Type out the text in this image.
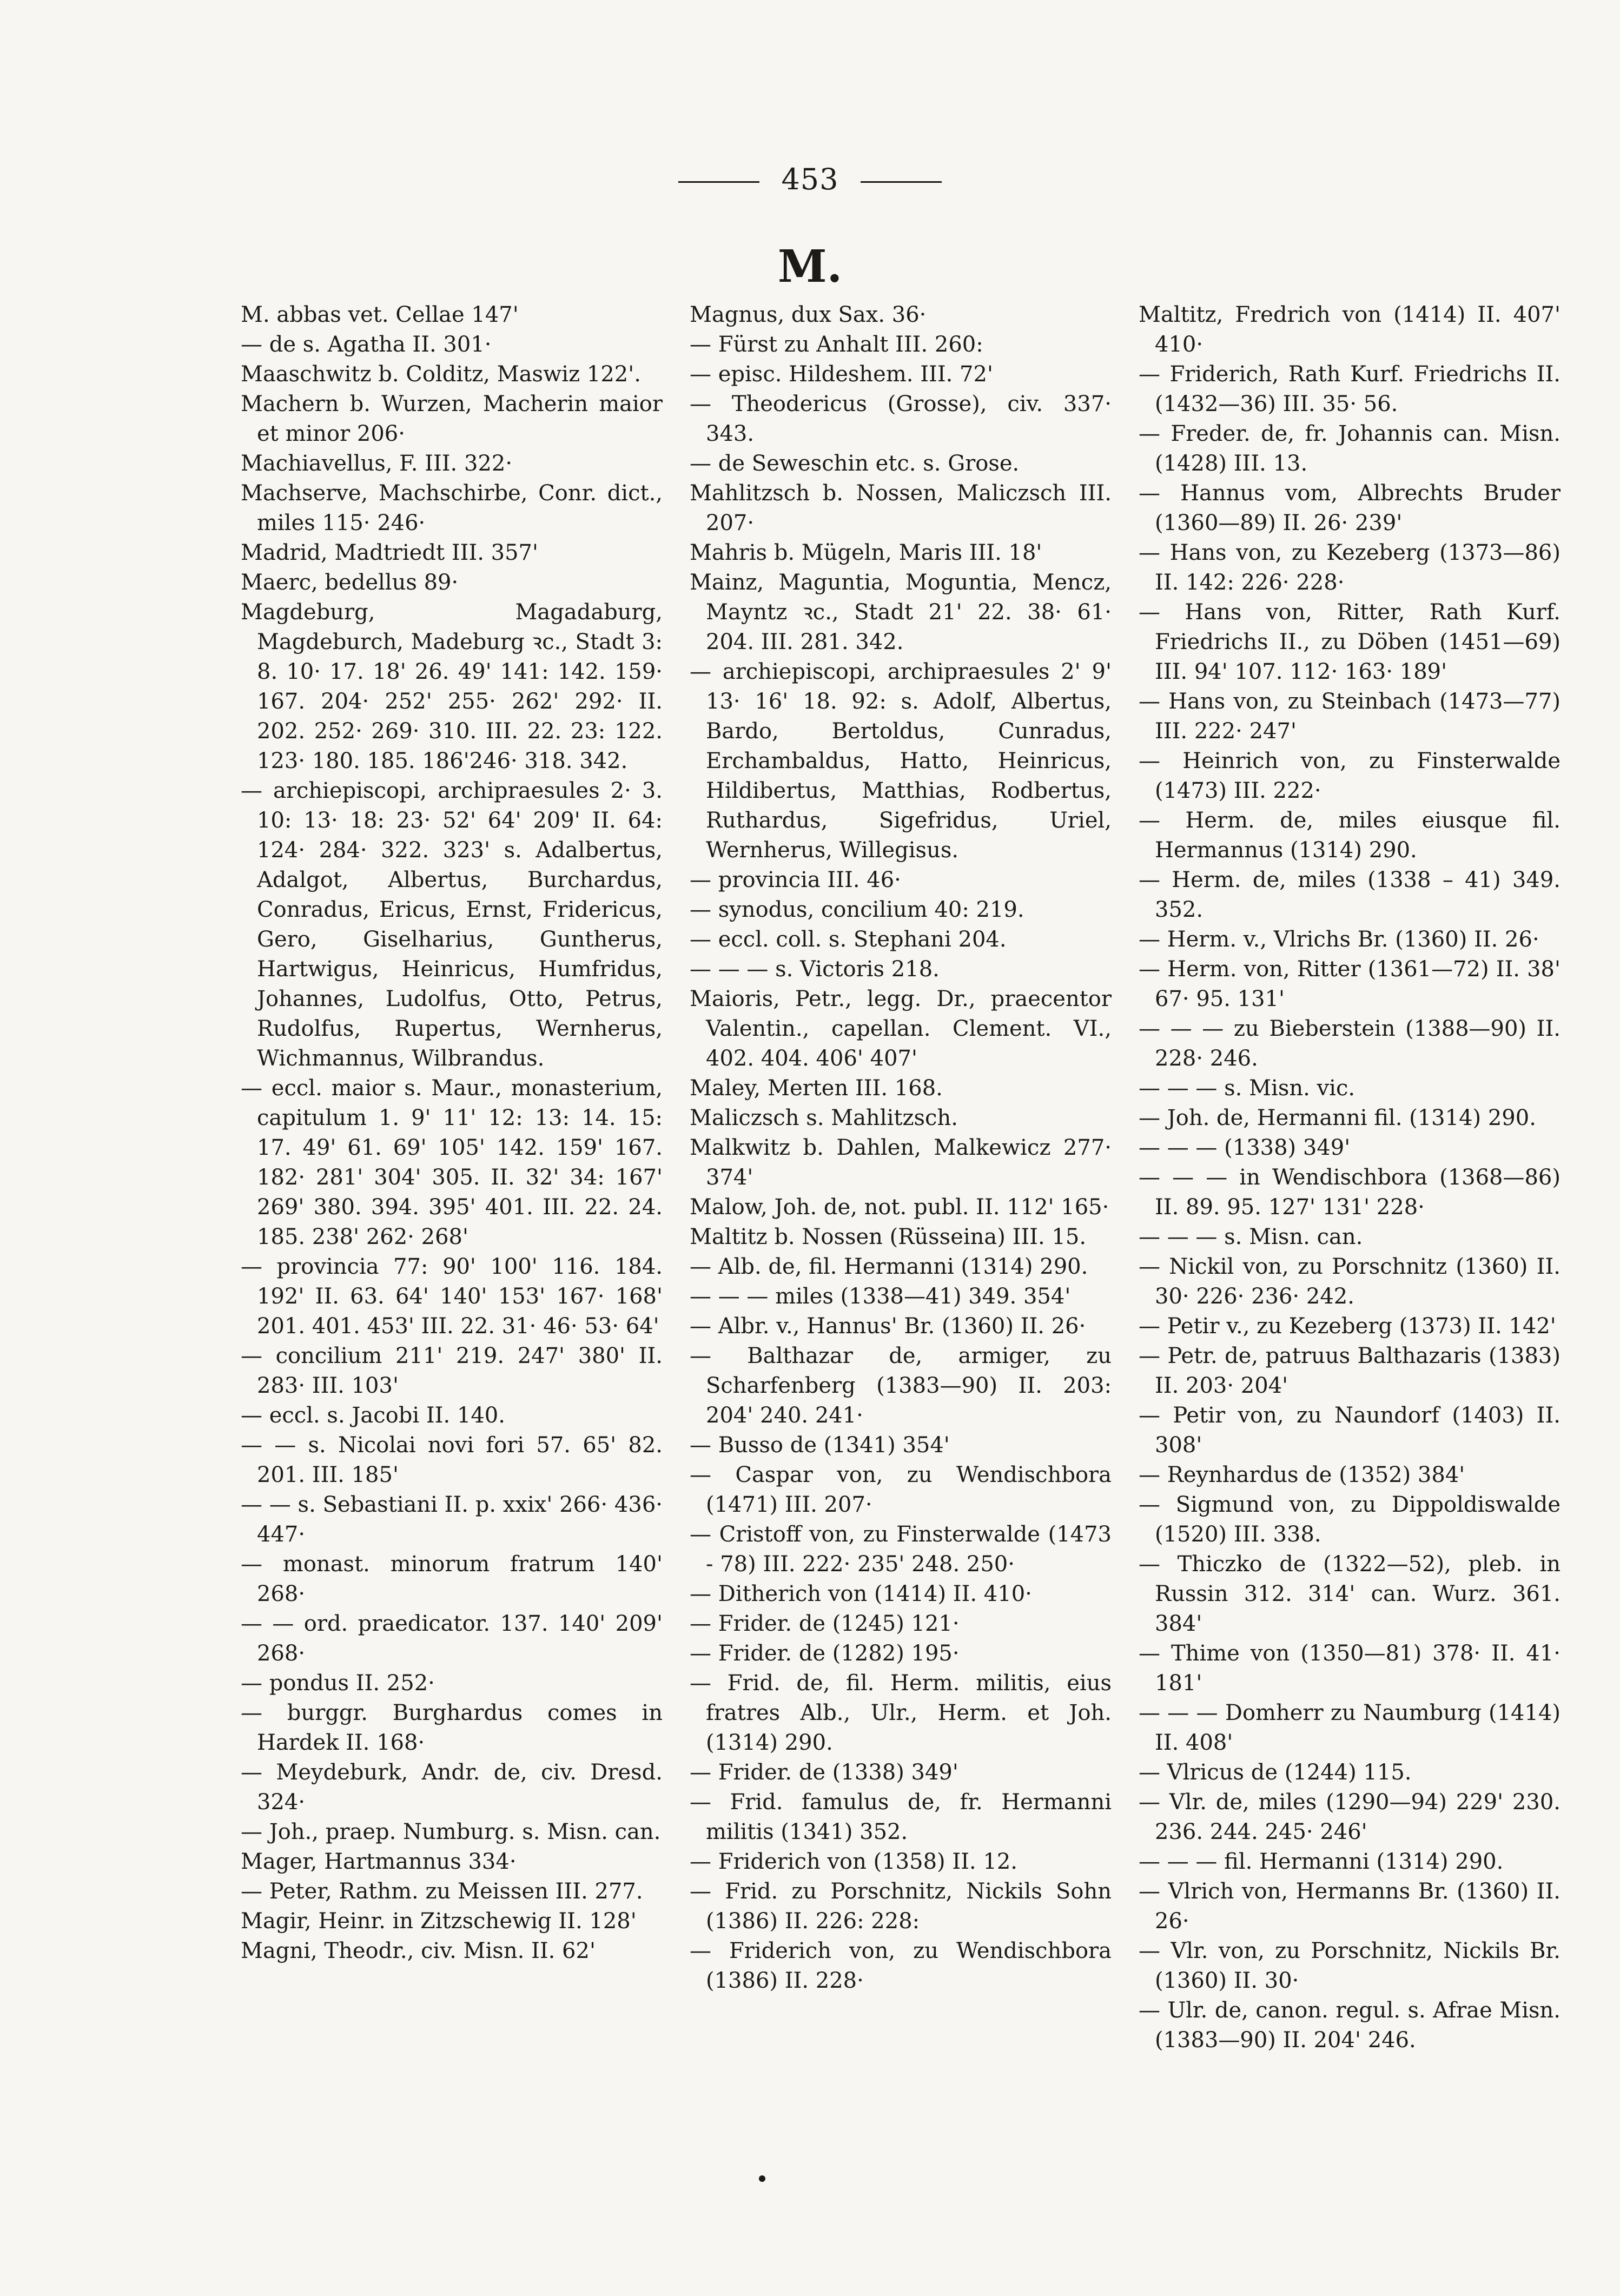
453
M.

M. abbas vet. Cellae 147'

— de s. Agatha II. 301·

Maaschwitz b. Colditz, Maswiz 122'.

Machern b. Wurzen, Macherin maior et minor 206·

Machiavellus, F. III. 322·

Machserve, Machschirbe, Conr. dict., miles 115· 246·

Madrid, Madtriedt III. 357'

Maerc, bedellus 89·

Magdeburg, Magadaburg, Magdeburch, Madeburg ꝛc., Stadt 3: 8. 10· 17. 18' 26. 49' 141: 142. 159· 167. 204· 252' 255· 262' 292· II. 202. 252· 269· 310. III. 22. 23: 122. 123· 180. 185. 186'246· 318. 342.

— archiepiscopi, archipraesules 2· 3. 10: 13· 18: 23· 52' 64' 209' II. 64: 124· 284· 322. 323' s. Adalbertus, Adalgot, Albertus, Burchardus, Conradus, Ericus, Ernst, Fridericus, Gero, Giselharius, Guntherus, Hartwigus, Heinricus, Humfridus, Johannes, Ludolfus, Otto, Petrus, Rudolfus, Rupertus, Wernherus, Wichmannus, Wilbrandus.

— eccl. maior s. Maur., monasterium, capitulum 1. 9' 11' 12: 13: 14. 15: 17. 49' 61. 69' 105' 142. 159' 167. 182· 281' 304' 305. II. 32' 34: 167' 269' 380. 394. 395' 401. III. 22. 24. 185. 238' 262· 268'

— provincia 77: 90' 100' 116. 184. 192' II. 63. 64' 140' 153' 167· 168' 201. 401. 453' III. 22. 31· 46· 53· 64'

— concilium 211' 219. 247' 380' II. 283· III. 103'

— eccl. s. Jacobi II. 140.

— — s. Nicolai novi fori 57. 65' 82. 201. III. 185'

— — s. Sebastiani II. p. xxix' 266· 436· 447·

— monast. minorum fratrum 140' 268·

— — ord. praedicator. 137. 140' 209' 268·

— pondus II. 252·

— burggr. Burghardus comes in Hardek II. 168·

— Meydeburk, Andr. de, civ. Dresd. 324·

— Joh., praep. Numburg. s. Misn. can.

Mager, Hartmannus 334·

— Peter, Rathm. zu Meissen III. 277.

Magir, Heinr. in Zitzschewig II. 128'

Magni, Theodr., civ. Misn. II. 62'

Magnus, dux Sax. 36·

— Fürst zu Anhalt III. 260:

— episc. Hildeshem. III. 72'

— Theodericus (Grosse), civ. 337· 343.

— de Seweschin etc. s. Grose.

Mahlitzsch b. Nossen, Maliczsch III. 207·

Mahris b. Mügeln, Maris III. 18'

Mainz, Maguntia, Moguntia, Mencz, Mayntz ꝛc., Stadt 21' 22. 38· 61· 204. III. 281. 342.

— archiepiscopi, archipraesules 2' 9' 13· 16' 18. 92: s. Adolf, Albertus, Bardo, Bertoldus, Cunradus, Erchambaldus, Hatto, Heinricus, Hildibertus, Matthias, Rodbertus, Ruthardus, Sigefridus, Uriel, Wernherus, Willegisus.

— provincia III. 46·

— synodus, concilium 40: 219.

— eccl. coll. s. Stephani 204.

— — — s. Victoris 218.

Maioris, Petr., legg. Dr., praecentor Valentin., capellan. Clement. VI., 402. 404. 406' 407'

Maley, Merten III. 168.

Maliczsch s. Mahlitzsch.

Malkwitz b. Dahlen, Malkewicz 277· 374'

Malow, Joh. de, not. publ. II. 112' 165·

Maltitz b. Nossen (Rüsseina) III. 15.

— Alb. de, fil. Hermanni (1314) 290.

— — — miles (1338—41) 349. 354'

— Albr. v., Hannus' Br. (1360) II. 26·

— Balthazar de, armiger, zu Scharfenberg (1383—90) II. 203: 204' 240. 241·

— Busso de (1341) 354'

— Caspar von, zu Wendischbora (1471) III. 207·

— Cristoff von, zu Finsterwalde (1473 - 78) III. 222· 235' 248. 250·

— Ditherich von (1414) II. 410·

— Frider. de (1245) 121·

— Frider. de (1282) 195·

— Frid. de, fil. Herm. militis, eius fratres Alb., Ulr., Herm. et Joh. (1314) 290.

— Frider. de (1338) 349'

— Frid. famulus de, fr. Hermanni militis (1341) 352.

— Friderich von (1358) II. 12.

— Frid. zu Porschnitz, Nickils Sohn (1386) II. 226: 228:

— Friderich von, zu Wendischbora (1386) II. 228·

Maltitz, Fredrich von (1414) II. 407' 410·

— Friderich, Rath Kurf. Friedrichs II. (1432—36) III. 35· 56.

— Freder. de, fr. Johannis can. Misn. (1428) III. 13.

— Hannus vom, Albrechts Bruder (1360—89) II. 26· 239'

— Hans von, zu Kezeberg (1373—86) II. 142: 226· 228·

— Hans von, Ritter, Rath Kurf. Friedrichs II., zu Döben (1451—69) III. 94' 107. 112· 163· 189'

— Hans von, zu Steinbach (1473—77) III. 222· 247'

— Heinrich von, zu Finsterwalde (1473) III. 222·

— Herm. de, miles eiusque fil. Hermannus (1314) 290.

— Herm. de, miles (1338 – 41) 349. 352.

— Herm. v., Vlrichs Br. (1360) II. 26·

— Herm. von, Ritter (1361—72) II. 38' 67· 95. 131'

— — — zu Bieberstein (1388—90) II. 228· 246.

— — — s. Misn. vic.

— Joh. de, Hermanni fil. (1314) 290.

— — — (1338) 349'

— — — in Wendischbora (1368—86) II. 89. 95. 127' 131' 228·

— — — s. Misn. can.

— Nickil von, zu Porschnitz (1360) II. 30· 226· 236· 242.

— Petir v., zu Kezeberg (1373) II. 142'

— Petr. de, patruus Balthazaris (1383) II. 203· 204'

— Petir von, zu Naundorf (1403) II. 308'

— Reynhardus de (1352) 384'

— Sigmund von, zu Dippoldiswalde (1520) III. 338.

— Thiczko de (1322—52), pleb. in Russin 312. 314' can. Wurz. 361. 384'

— Thime von (1350—81) 378· II. 41· 181'

— — — Domherr zu Naumburg (1414) II. 408'

— Vlricus de (1244) 115.

— Vlr. de, miles (1290—94) 229' 230. 236. 244. 245· 246'

— — — fil. Hermanni (1314) 290.

— Vlrich von, Hermanns Br. (1360) II. 26·

— Vlr. von, zu Porschnitz, Nickils Br. (1360) II. 30·

— Ulr. de, canon. regul. s. Afrae Misn. (1383—90) II. 204' 246.
